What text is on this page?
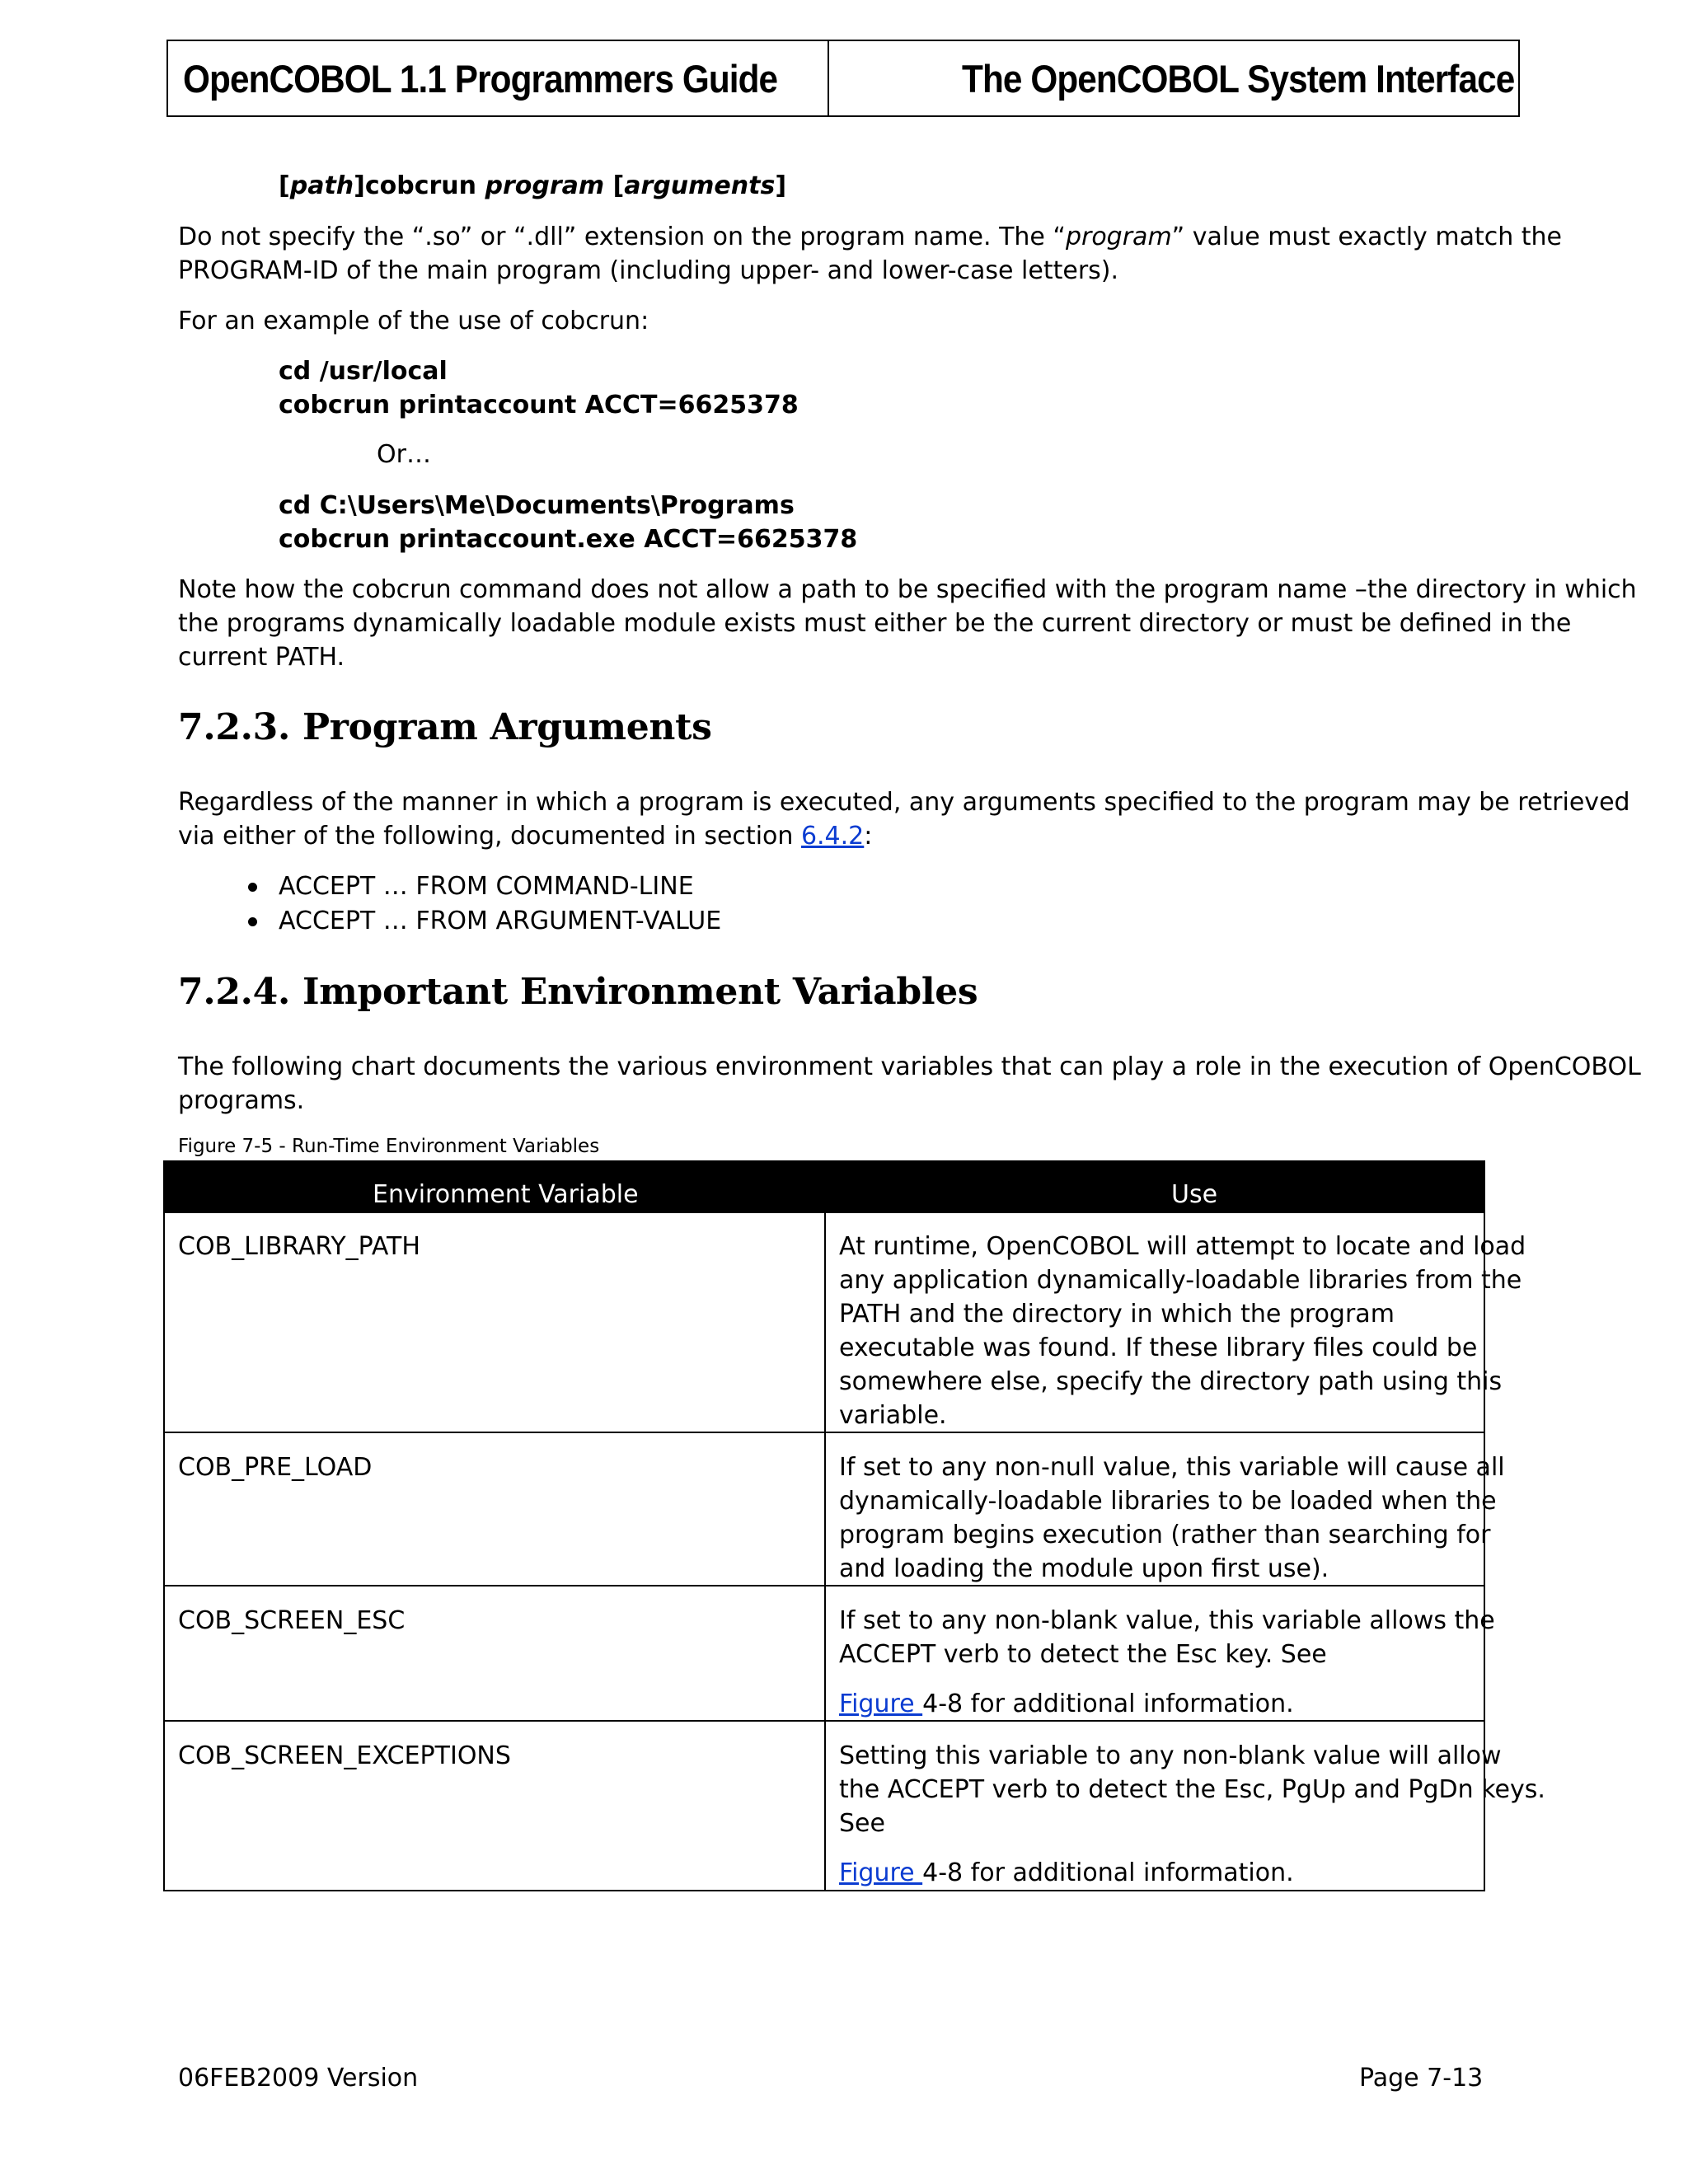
OpenCOBOL 1.1 Programmers Guide	The OpenCOBOL System Interface
[path]cobcrun program [arguments]
Do not specify the “.so” or “.dll” extension on the program name. The “program” value must exactly match the
PROGRAM-ID of the main program (including upper- and lower-case letters).
For an example of the use of cobcrun:
cd /usr/local
cobcrun printaccount ACCT=6625378
Or…
cd C:\Users\Me\Documents\Programs
cobcrun printaccount.exe ACCT=6625378
Note how the cobcrun command does not allow a path to be specified with the program name –the directory in which
the programs dynamically loadable module exists must either be the current directory or must be defined in the
current PATH.
7.2.3. Program Arguments
Regardless of the manner in which a program is executed, any arguments specified to the program may be retrieved
via either of the following, documented in section 6.4.2:
ACCEPT … FROM COMMAND-LINE
ACCEPT … FROM ARGUMENT-VALUE
7.2.4. Important Environment Variables
The following chart documents the various environment variables that can play a role in the execution of OpenCOBOL
programs.
Figure 7-5 - Run-Time Environment Variables
Environment Variable	Use
COB_LIBRARY_PATH	At runtime, OpenCOBOL will attempt to locate and load
any application dynamically-loadable libraries from the
PATH and the directory in which the program
executable was found. If these library files could be
somewhere else, specify the directory path using this
variable.
COB_PRE_LOAD	If set to any non-null value, this variable will cause all
dynamically-loadable libraries to be loaded when the
program begins execution (rather than searching for
and loading the module upon first use).
COB_SCREEN_ESC	If set to any non-blank value, this variable allows the
ACCEPT verb to detect the Esc key. See
Figure 4-8 for additional information.
COB_SCREEN_EXCEPTIONS	Setting this variable to any non-blank value will allow
the ACCEPT verb to detect the Esc, PgUp and PgDn keys.
See
Figure 4-8 for additional information.
06FEB2009 Version	Page 7-13
